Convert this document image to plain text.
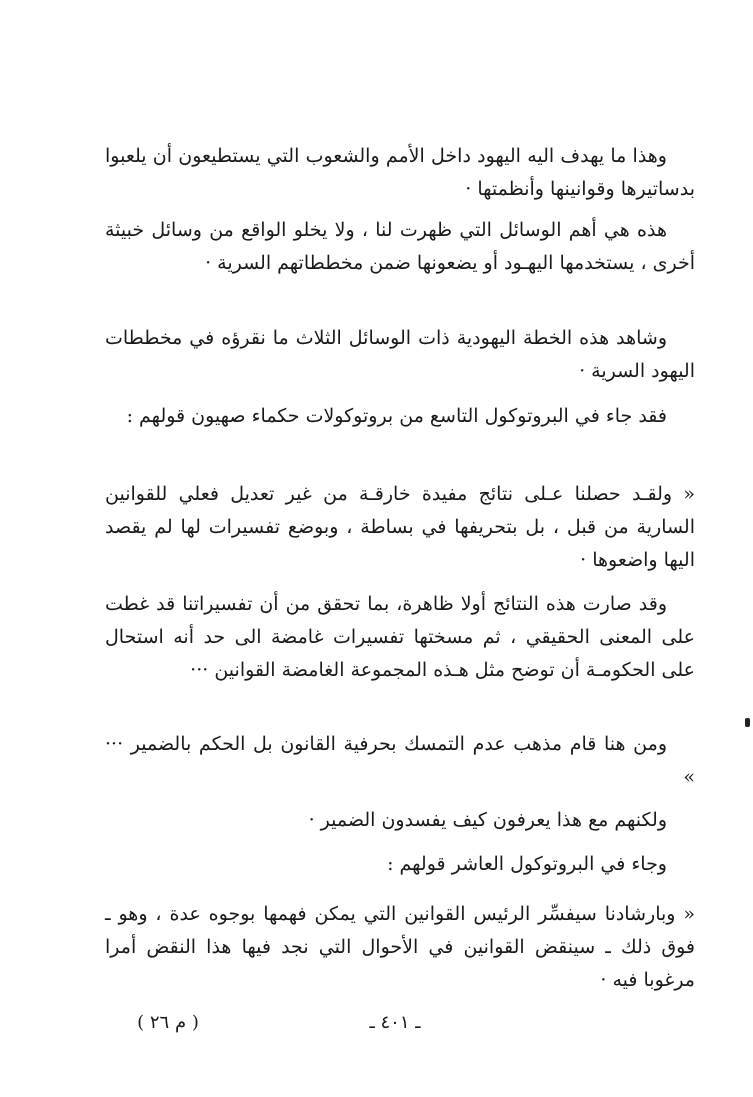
وهذا ما يهدف اليه اليهود داخل الأمم والشعوب التي يستطيعون أن يلعبوا بدساتيرها وقوانينها وأنظمتها ·

هذه هي أهم الوسائل التي ظهرت لنا ، ولا يخلو الواقع من وسائل خبيثة أخرى ، يستخدمها اليهـود أو يضعونها ضمن مخططاتهم السرية ·

وشاهد هذه الخطة اليهودية ذات الوسائل الثلاث ما نقرؤه في مخططات اليهود السرية ·

فقد جاء في البروتوكول التاسع من بروتوكولات حكماء صهيون قولهم :

« ولقـد حصلنا عـلى نتائج مفيدة خارقـة من غير تعديل فعلي للقوانين السارية من قبل ، بل بتحريفها في بساطة ، وبوضع تفسيرات لها لم يقصد اليها واضعوها ·

وقد صارت هذه النتائج أولا ظاهرة، بما تحقق من أن تفسيراتنا قد غطت على المعنى الحقيقي ، ثم مسختها تفسيرات غامضة الى حد أنه استحال على الحكومـة أن توضح مثل هـذه المجموعة الغامضة القوانين ···

ومن هنا قام مذهب عدم التمسك بحرفية القانون بل الحكم بالضمير ··· »

ولكنهم مع هذا يعرفون كيف يفسدون الضمير ·

وجاء في البروتوكول العاشر قولهم :

« وبارشادنا سيفسِّر الرئيس القوانين التي يمكن فهمها بوجوه عدة ، وهو ـ فوق ذلك ـ سينقض القوانين في الأحوال التي نجد فيها هذا النقض أمرا مرغوبا فيه ·

ـ ٤٠١ ـ
( م ٢٦ )
